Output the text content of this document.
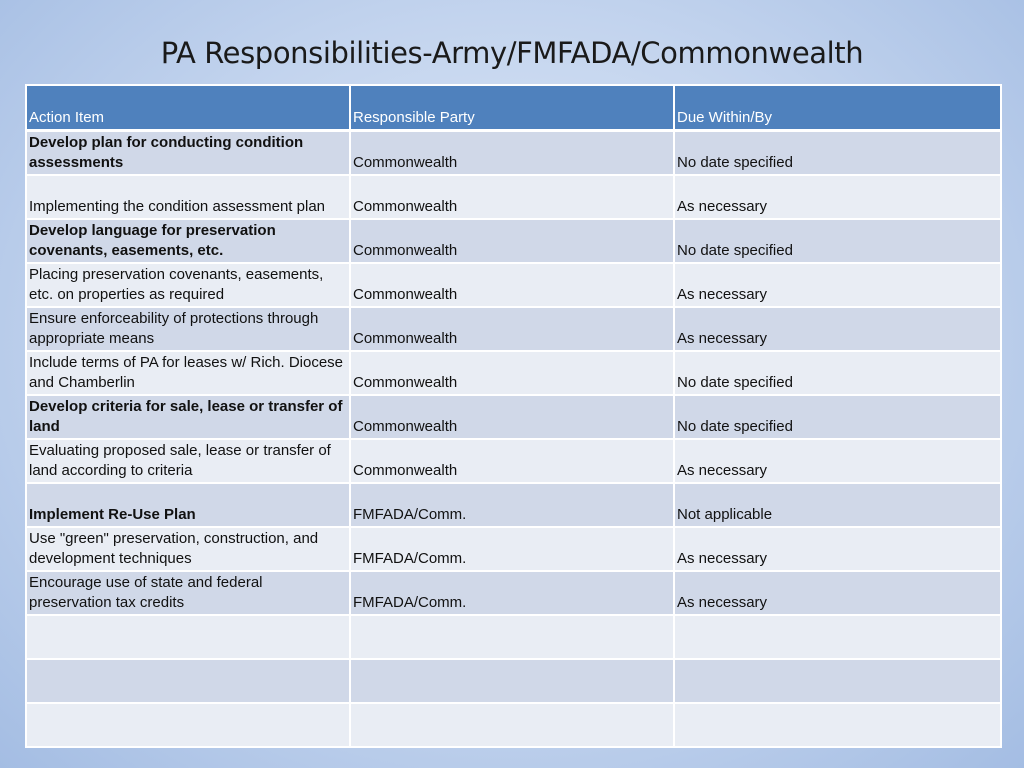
PA Responsibilities-Army/FMFADA/Commonwealth
Action Item	Responsible Party	Due Within/By
Develop plan for conducting condition assessments	Commonwealth	No date specified
Implementing the condition assessment plan	Commonwealth	As necessary
Develop language for preservation covenants, easements, etc.	Commonwealth	No date specified
Placing preservation covenants, easements, etc. on properties as required	Commonwealth	As necessary
Ensure enforceability of protections through appropriate means	Commonwealth	As necessary
Include terms of PA for leases w/ Rich. Diocese and Chamberlin	Commonwealth	No date specified
Develop criteria for sale, lease or transfer of land	Commonwealth	No date specified
Evaluating proposed sale, lease or transfer of land according to criteria	Commonwealth	As necessary
Implement Re-Use Plan	FMFADA/Comm.	Not applicable
Use "green" preservation, construction, and development techniques	FMFADA/Comm.	As necessary
Encourage use of state and federal preservation tax credits	FMFADA/Comm.	As necessary
